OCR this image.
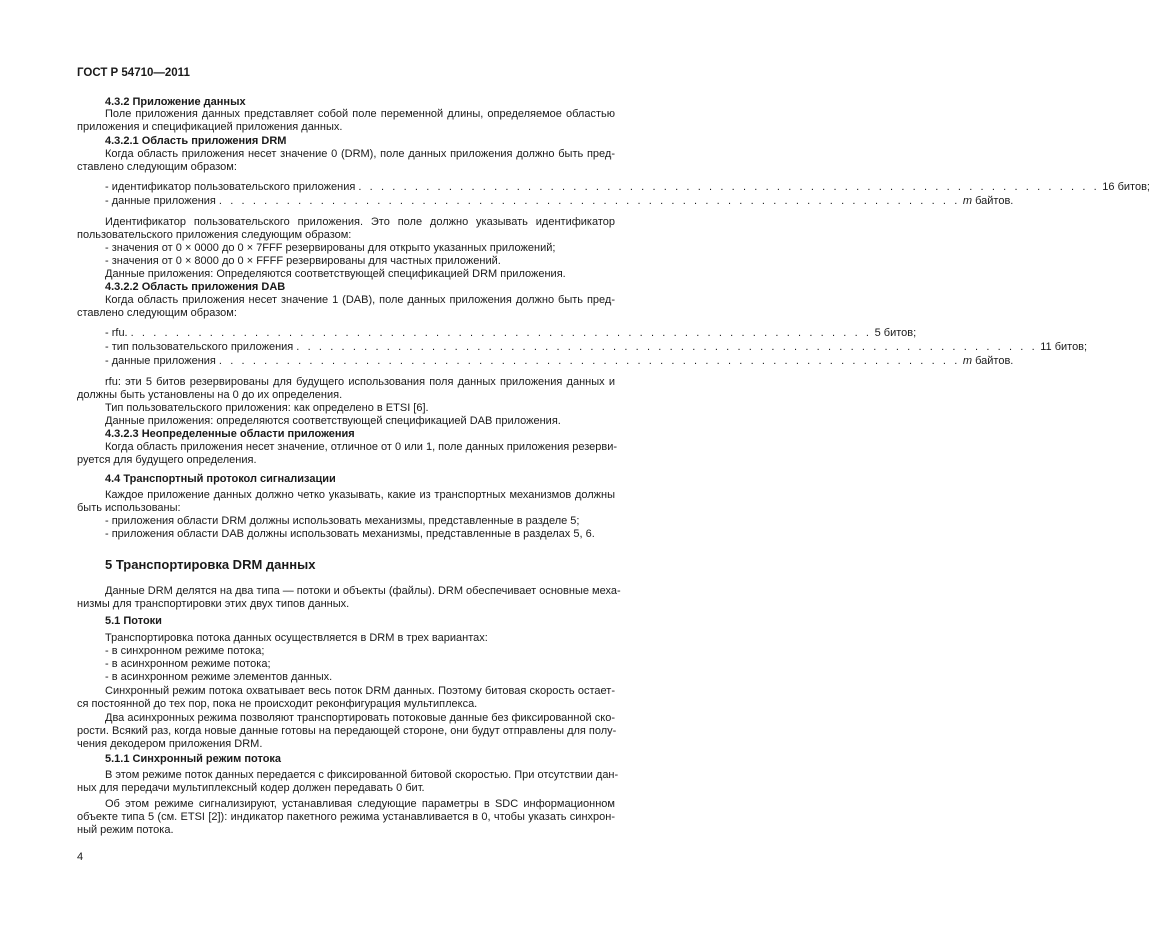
ГОСТ Р 54710—2011
4.3.2 Приложение данных
Поле приложения данных представляет собой поле переменной длины, определяемое областью
приложения и спецификацией приложения данных.
4.3.2.1 Область приложения DRM
Когда область приложения несет значение 0 (DRM), поле данных приложения должно быть пред-
ставлено следующим образом:
- идентификатор пользовательского приложения . . . . . . . . . . . . . . . . . . . . . . . . . . . . . . . . . . . . . . . . . . . . . . . . . . . . . . . . . . . . . . . . . . 16 битов;
- данные приложения . . . . . . . . . . . . . . . . . . . . . . . . . . . . . . . . . . . . . . . . . . . . . . . . . . . . . . . . . . . . . . . . . . m байтов.
Идентификатор пользовательского приложения. Это поле должно указывать идентификатор
пользовательского приложения следующим образом:
- значения от 0 × 0000 до 0 × 7FFF резервированы для открыто указанных приложений;
- значения от 0 × 8000 до 0 × FFFF резервированы для частных приложений.
Данные приложения: Определяются соответствующей спецификацией DRM приложения.
4.3.2.2 Область приложения DAB
Когда область приложения несет значение 1 (DAB), поле данных приложения должно быть пред-
ставлено следующим образом:
- rfu. . . . . . . . . . . . . . . . . . . . . . . . . . . . . . . . . . . . . . . . . . . . . . . . . . . . . . . . . . . . . . . . . . . 5 битов;
- тип пользовательского приложения . . . . . . . . . . . . . . . . . . . . . . . . . . . . . . . . . . . . . . . . . . . . . . . . . . . . . . . . . . . . . . . . . . 11 битов;
- данные приложения . . . . . . . . . . . . . . . . . . . . . . . . . . . . . . . . . . . . . . . . . . . . . . . . . . . . . . . . . . . . . . . . . . m байтов.
rfu: эти 5 битов резервированы для будущего использования поля данных приложения данных и
должны быть установлены на 0 до их определения.
Тип пользовательского приложения: как определено в ETSI [6].
Данные приложения: определяются соответствующей спецификацией DAB приложения.
4.3.2.3 Неопределенные области приложения
Когда область приложения несет значение, отличное от 0 или 1, поле данных приложения резерви-
руется для будущего определения.
4.4 Транспортный протокол сигнализации
Каждое приложение данных должно четко указывать, какие из транспортных механизмов должны
быть использованы:
- приложения области DRM должны использовать механизмы, представленные в разделе 5;
- приложения области DAB должны использовать механизмы, представленные в разделах 5, 6.
5 Транспортировка DRM данных
Данные DRM делятся на два типа — потоки и объекты (файлы). DRM обеспечивает основные меха-
низмы для транспортировки этих двух типов данных.
5.1 Потоки
Транспортировка потока данных осуществляется в DRM в трех вариантах:
- в синхронном режиме потока;
- в асинхронном режиме потока;
- в асинхронном режиме элементов данных.
Синхронный режим потока охватывает весь поток DRM данных. Поэтому битовая скорость остает-
ся постоянной до тех пор, пока не происходит реконфигурация мультиплекса.
Два асинхронных режима позволяют транспортировать потоковые данные без фиксированной ско-
рости. Всякий раз, когда новые данные готовы на передающей стороне, они будут отправлены для полу-
чения декодером приложения DRM.
5.1.1 Синхронный режим потока
В этом режиме поток данных передается с фиксированной битовой скоростью. При отсутствии дан-
ных для передачи мультиплексный кодер должен передавать 0 бит.
Об этом режиме сигнализируют, устанавливая следующие параметры в SDC информационном
объекте типа 5 (см. ETSI [2]): индикатор пакетного режима устанавливается в 0, чтобы указать синхрон-
ный режим потока.
4
